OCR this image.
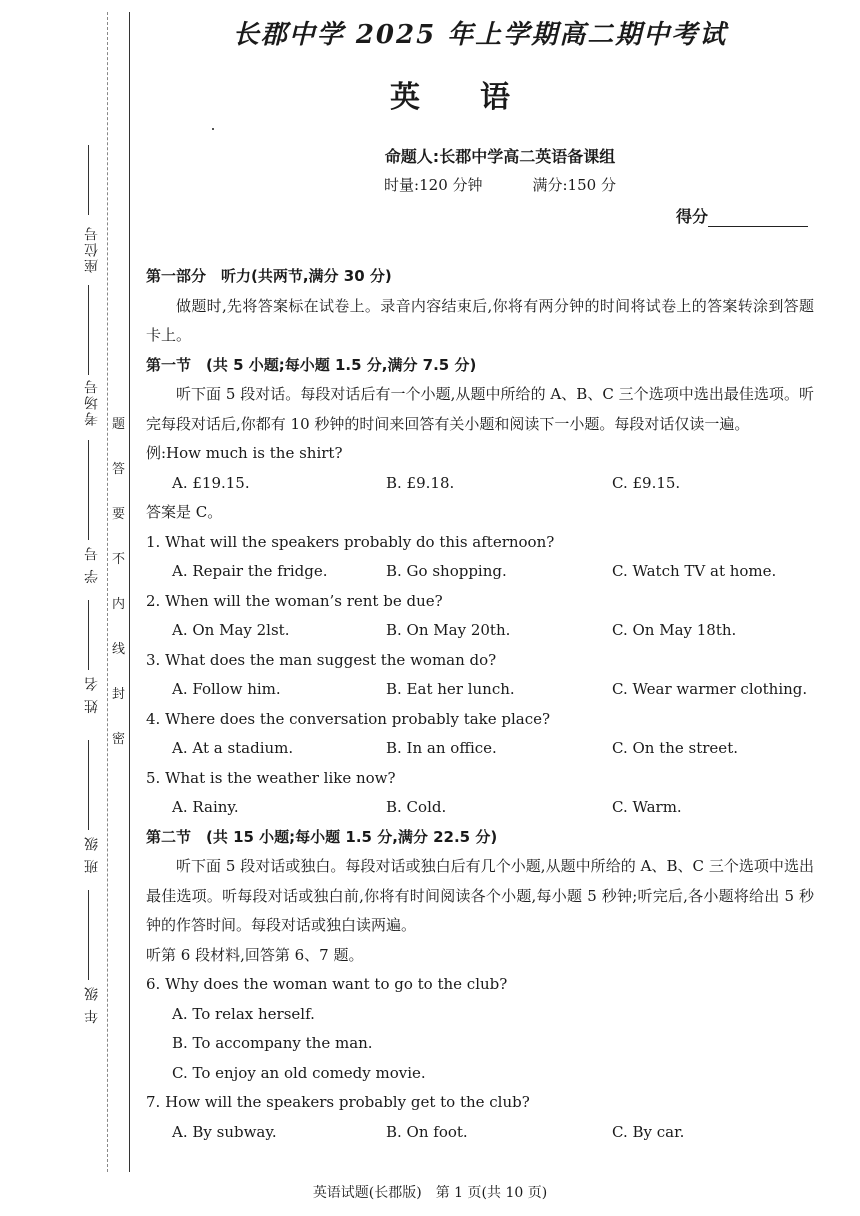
座位号
考场号
学 号
姓 名
班 级
年 级
题
答
要
不
内
线
封
密
长郡中学 2025 年上学期高二期中考试
英语
命题人:长郡中学高二英语备课组
时量:120 分钟	满分:150 分
得分

第一部分　听力(共两节,满分 30 分)

做题时,先将答案标在试卷上。录音内容结束后,你将有两分钟的时间将试卷上的答案转涂到答题卡上。

第一节　(共 5 小题;每小题 1.5 分,满分 7.5 分)

听下面 5 段对话。每段对话后有一个小题,从题中所给的 A、B、C 三个选项中选出最佳选项。听完每段对话后,你都有 10 秒钟的时间来回答有关小题和阅读下一小题。每段对话仅读一遍。

例:How much is the shirt?

A. £19.15.	B. £9.18.	C. £9.15.

答案是 C。

1. What will the speakers probably do this afternoon?

A. Repair the fridge.	B. Go shopping.	C. Watch TV at home.

2. When will the woman’s rent be due?

A. On May 2lst.	B. On May 20th.	C. On May 18th.

3. What does the man suggest the woman do?

A. Follow him.	B. Eat her lunch.	C. Wear warmer clothing.

4. Where does the conversation probably take place?

A. At a stadium.	B. In an office.	C. On the street.

5. What is the weather like now?

A. Rainy.	B. Cold.	C. Warm.

第二节　(共 15 小题;每小题 1.5 分,满分 22.5 分)

听下面 5 段对话或独白。每段对话或独白后有几个小题,从题中所给的 A、B、C 三个选项中选出最佳选项。听每段对话或独白前,你将有时间阅读各个小题,每小题 5 秒钟;听完后,各小题将给出 5 秒钟的作答时间。每段对话或独白读两遍。

听第 6 段材料,回答第 6、7 题。

6. Why does the woman want to go to the club?

A. To relax herself.

B. To accompany the man.

C. To enjoy an old comedy movie.

7. How will the speakers probably get to the club?

A. By subway.	B. On foot.	C. By car.

英语试题(长郡版)　第 1 页(共 10 页)
